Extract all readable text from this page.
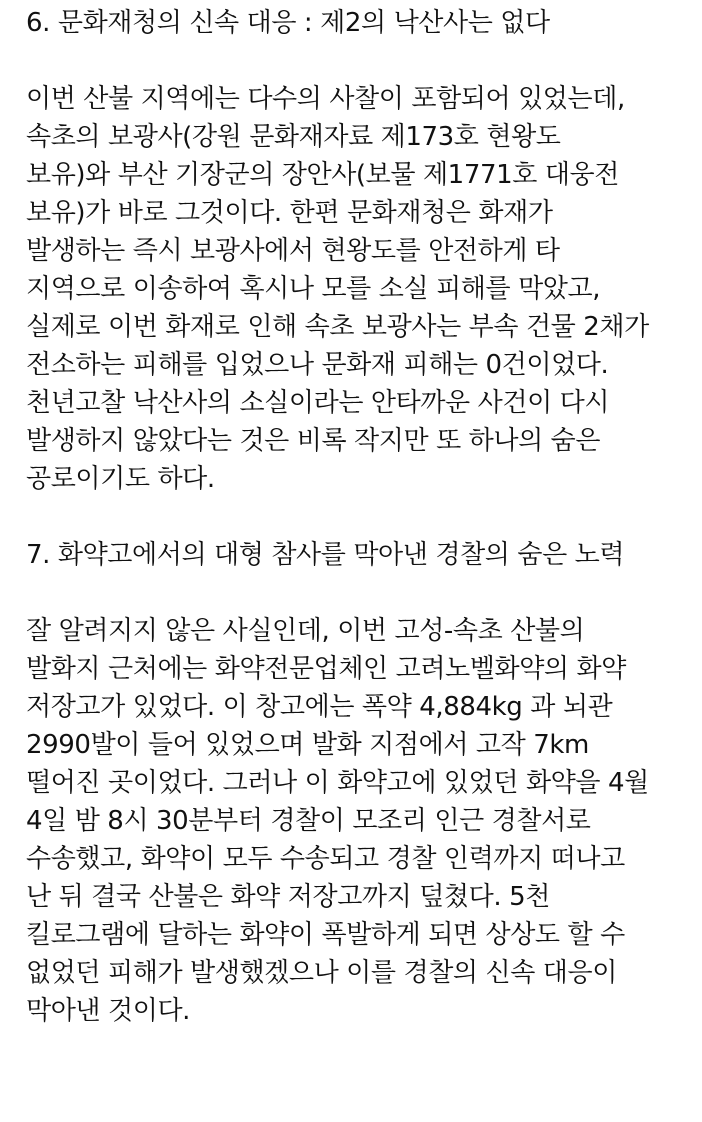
6. 문화재청의 신속 대응 : 제2의 낙산사는 없다
이번 산불 지역에는 다수의 사찰이 포함되어 있었는데,
속초의 보광사(강원 문화재자료 제173호 현왕도
보유)와 부산 기장군의 장안사(보물 제1771호 대웅전
보유)가 바로 그것이다. 한편 문화재청은 화재가
발생하는 즉시 보광사에서 현왕도를 안전하게 타
지역으로 이송하여 혹시나 모를 소실 피해를 막았고,
실제로 이번 화재로 인해 속초 보광사는 부속 건물 2채가
전소하는 피해를 입었으나 문화재 피해는 0건이었다.
천년고찰 낙산사의 소실이라는 안타까운 사건이 다시
발생하지 않았다는 것은 비록 작지만 또 하나의 숨은
공로이기도 하다.
7. 화약고에서의 대형 참사를 막아낸 경찰의 숨은 노력
잘 알려지지 않은 사실인데, 이번 고성-속초 산불의
발화지 근처에는 화약전문업체인 고려노벨화약의 화약
저장고가 있었다. 이 창고에는 폭약 4,884kg 과 뇌관
2990발이 들어 있었으며 발화 지점에서 고작 7km
떨어진 곳이었다. 그러나 이 화약고에 있었던 화약을 4월
4일 밤 8시 30분부터 경찰이 모조리 인근 경찰서로
수송했고, 화약이 모두 수송되고 경찰 인력까지 떠나고
난 뒤 결국 산불은 화약 저장고까지 덮쳤다. 5천
킬로그램에 달하는 화약이 폭발하게 되면 상상도 할 수
없었던 피해가 발생했겠으나 이를 경찰의 신속 대응이
막아낸 것이다.
